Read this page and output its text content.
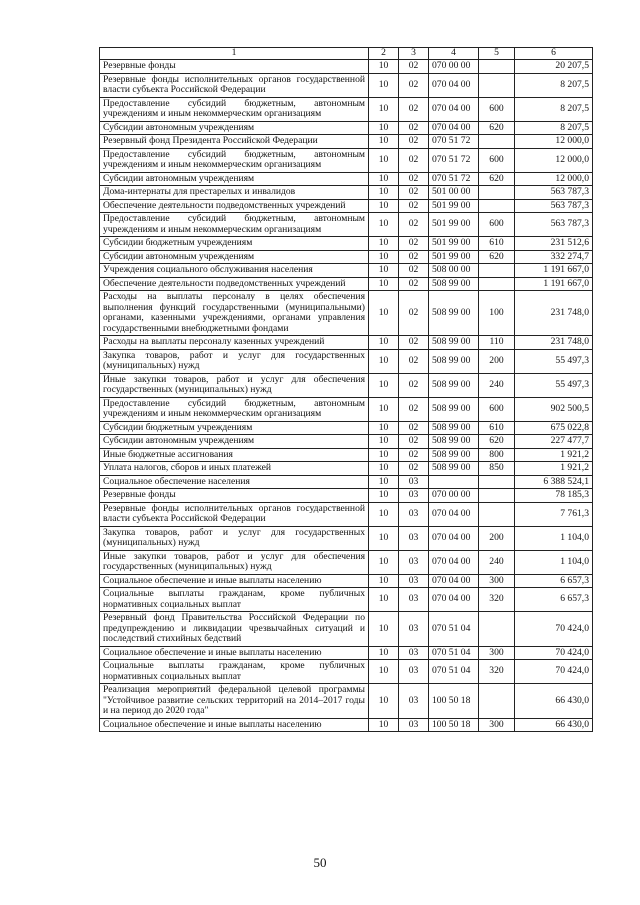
1	2	3	4	5	6
Резервные фонды	10	02	070 00 00		20 207,5
Резервные фонды исполнительных органов государственной власти субъекта Российской Федерации	10	02	070 04 00		8 207,5
Предоставление субсидий бюджетным, автономным учреждениям и иным некоммерческим организациям	10	02	070 04 00	600	8 207,5
Субсидии автономным учреждениям	10	02	070 04 00	620	8 207,5
Резервный фонд Президента Российской Федерации	10	02	070 51 72		12 000,0
Предоставление субсидий бюджетным, автономным учреждениям и иным некоммерческим организациям	10	02	070 51 72	600	12 000,0
Субсидии автономным учреждениям	10	02	070 51 72	620	12 000,0
Дома-интернаты для престарелых и инвалидов	10	02	501 00 00		563 787,3
Обеспечение деятельности подведомственных учреждений	10	02	501 99 00		563 787,3
Предоставление субсидий бюджетным, автономным учреждениям и иным некоммерческим организациям	10	02	501 99 00	600	563 787,3
Субсидии бюджетным учреждениям	10	02	501 99 00	610	231 512,6
Субсидии автономным учреждениям	10	02	501 99 00	620	332 274,7
Учреждения социального обслуживания населения	10	02	508 00 00		1 191 667,0
Обеспечение деятельности подведомственных учреждений	10	02	508 99 00		1 191 667,0
Расходы на выплаты персоналу в целях обеспечения выполнения функций государственными (муниципальными) органами, казенными учреждениями, органами управления государственными внебюджетными фондами	10	02	508 99 00	100	231 748,0
Расходы на выплаты персоналу казенных учреждений	10	02	508 99 00	110	231 748,0
Закупка товаров, работ и услуг для государственных (муниципальных) нужд	10	02	508 99 00	200	55 497,3
Иные закупки товаров, работ и услуг для обеспечения государственных (муниципальных) нужд	10	02	508 99 00	240	55 497,3
Предоставление субсидий бюджетным, автономным учреждениям и иным некоммерческим организациям	10	02	508 99 00	600	902 500,5
Субсидии бюджетным учреждениям	10	02	508 99 00	610	675 022,8
Субсидии автономным учреждениям	10	02	508 99 00	620	227 477,7
Иные бюджетные ассигнования	10	02	508 99 00	800	1 921,2
Уплата налогов, сборов и иных платежей	10	02	508 99 00	850	1 921,2
Социальное обеспечение населения	10	03			6 388 524,1
Резервные фонды	10	03	070 00 00		78 185,3
Резервные фонды исполнительных органов государственной власти субъекта Российской Федерации	10	03	070 04 00		7 761,3
Закупка товаров, работ и услуг для государственных (муниципальных) нужд	10	03	070 04 00	200	1 104,0
Иные закупки товаров, работ и услуг для обеспечения государственных (муниципальных) нужд	10	03	070 04 00	240	1 104,0
Социальное обеспечение и иные выплаты населению	10	03	070 04 00	300	6 657,3
Социальные выплаты гражданам, кроме публичных нормативных социальных выплат	10	03	070 04 00	320	6 657,3
Резервный фонд Правительства Российской Федерации по предупреждению и ликвидации чрезвычайных ситуаций и последствий стихийных бедствий	10	03	070 51 04		70 424,0
Социальное обеспечение и иные выплаты населению	10	03	070 51 04	300	70 424,0
Социальные выплаты гражданам, кроме публичных нормативных социальных выплат	10	03	070 51 04	320	70 424,0
Реализация мероприятий федеральной целевой программы "Устойчивое развитие сельских территорий на 2014–2017 годы и на период до 2020 года"	10	03	100 50 18		66 430,0
Социальное обеспечение и иные выплаты населению	10	03	100 50 18	300	66 430,0
50
